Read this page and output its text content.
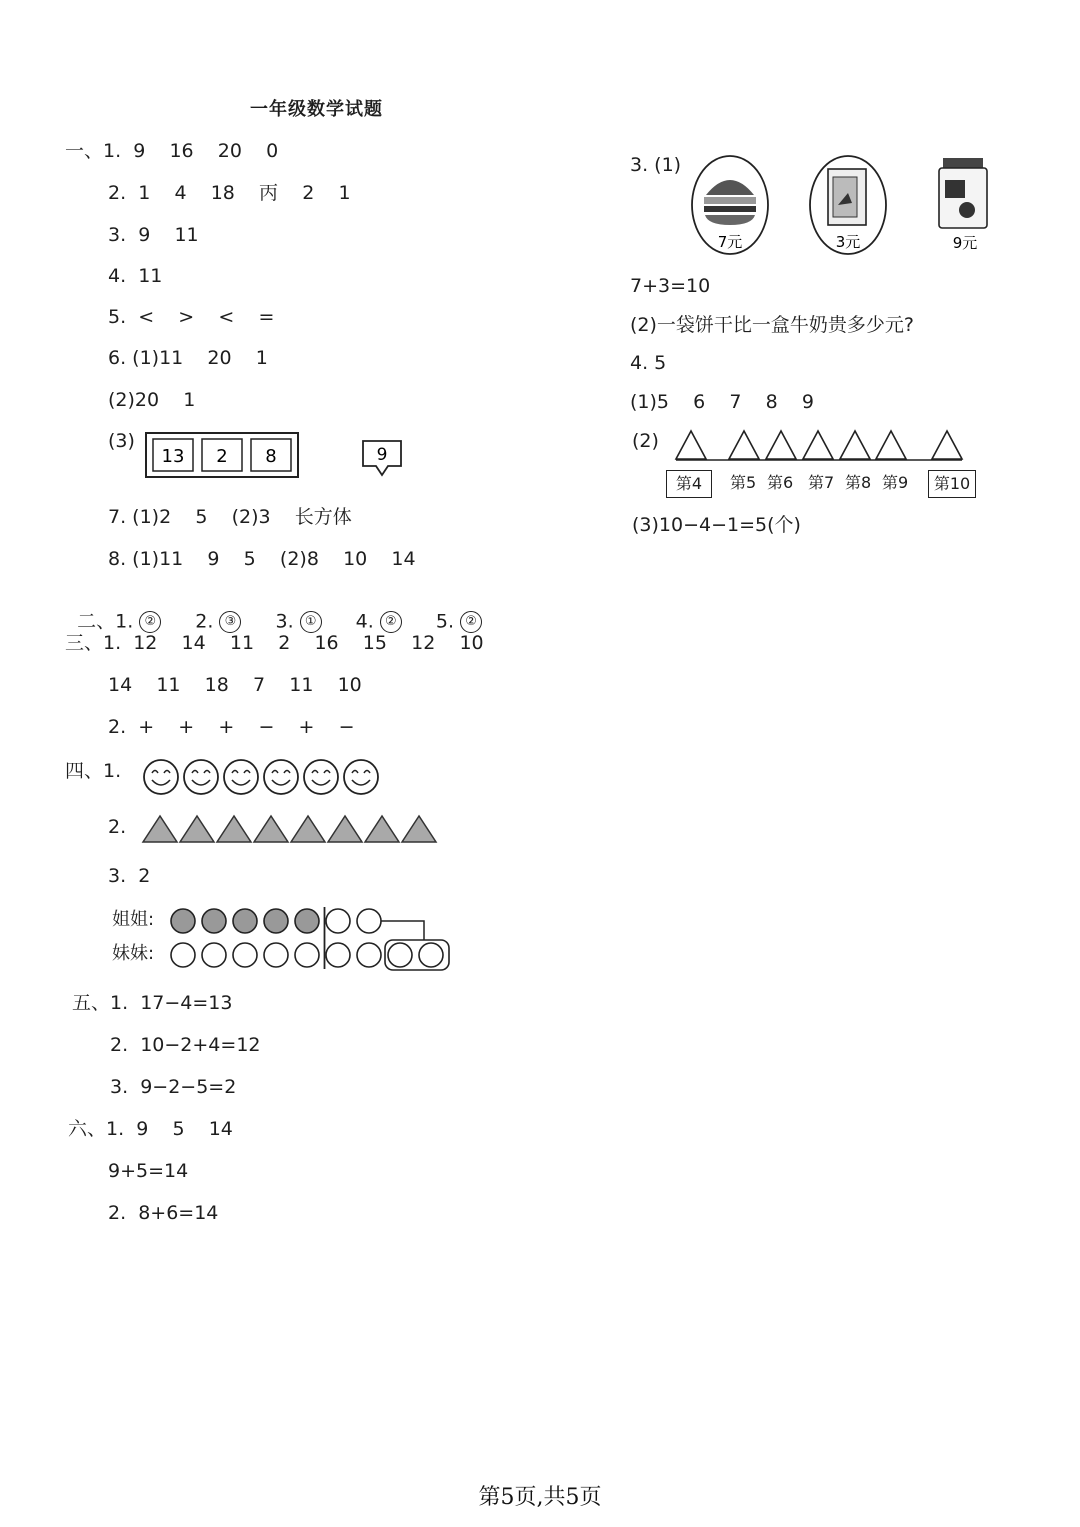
一年级数学试题
一、1.  9    16    20    0
2.  1    4    18    丙    2    1
3.  9    11
4.  11
5.  <    >    <    =
6. (1)11    20    1
(2)20    1
(3)
13 2 8	9
7. (1)2    5    (2)3    长方体
8. (1)11    9    5    (2)8    10    14

二、1. ② 2. ③ 3. ① 4. ② 5. ②

三、1.  12    14    11    2    16    15    12    10
14    11    18    7    11    10
2.  +    +    +    −    +    −
四、1.
2.
3.  2
姐姐:
妹妹:
五、1.  17−4=13
2.  10−2+4=12
3.  9−2−5=2
六、1.  9    5    14
9+5=14
2.  8+6=14
3. (1)
7元	3元	9元
7+3=10
(2)一袋饼干比一盒牛奶贵多少元?
4. 5
(1)5    6    7    8    9
(2)
第4	第5 第6 第7 第8 第9	第10
(3)10−4−1=5(个)
第5页,共5页
